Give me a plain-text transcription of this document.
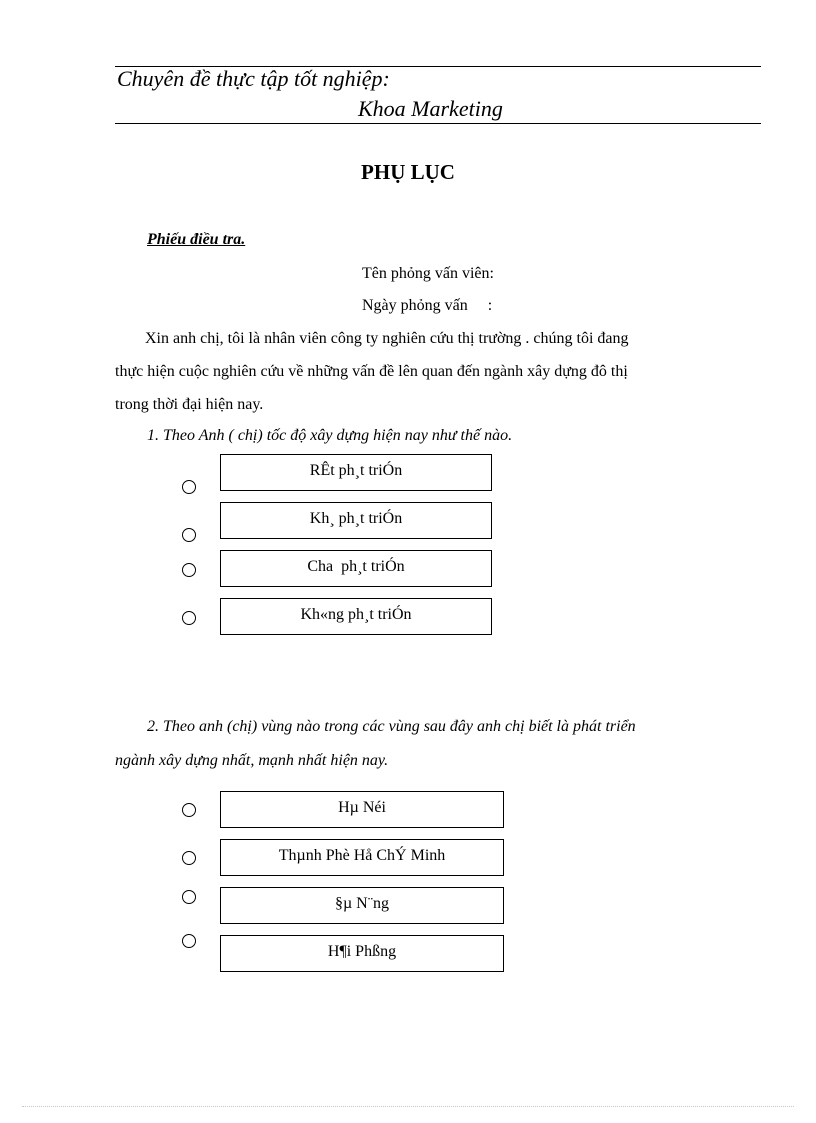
Chuyên đề thực tập tốt nghiệp:
Khoa Marketing
PHỤ LỤC
Phiếu điều tra.
Tên phỏng vấn viên:
Ngày phỏng vấn     :
Xin anh chị, tôi là nhân viên công ty nghiên cứu thị trường . chúng tôi đang
thực hiện cuộc nghiên cứu về những vấn đề lên quan đến ngành xây dựng đô thị
trong thời đại hiện nay.
1. Theo Anh ( chị) tốc độ xây dựng hiện nay như thế nào.
RÊt ph¸t triÓn
Kh¸ ph¸t triÓn
Cha  ph¸t triÓn
Kh«ng ph¸t triÓn
2. Theo anh (chị) vùng nào trong các vùng sau đây anh chị biết là phát triển
ngành xây dựng nhất, mạnh nhất hiện nay.
Hµ Néi
Thµnh Phè Hå ChÝ Minh
§µ N¨ng
H¶i Phßng
